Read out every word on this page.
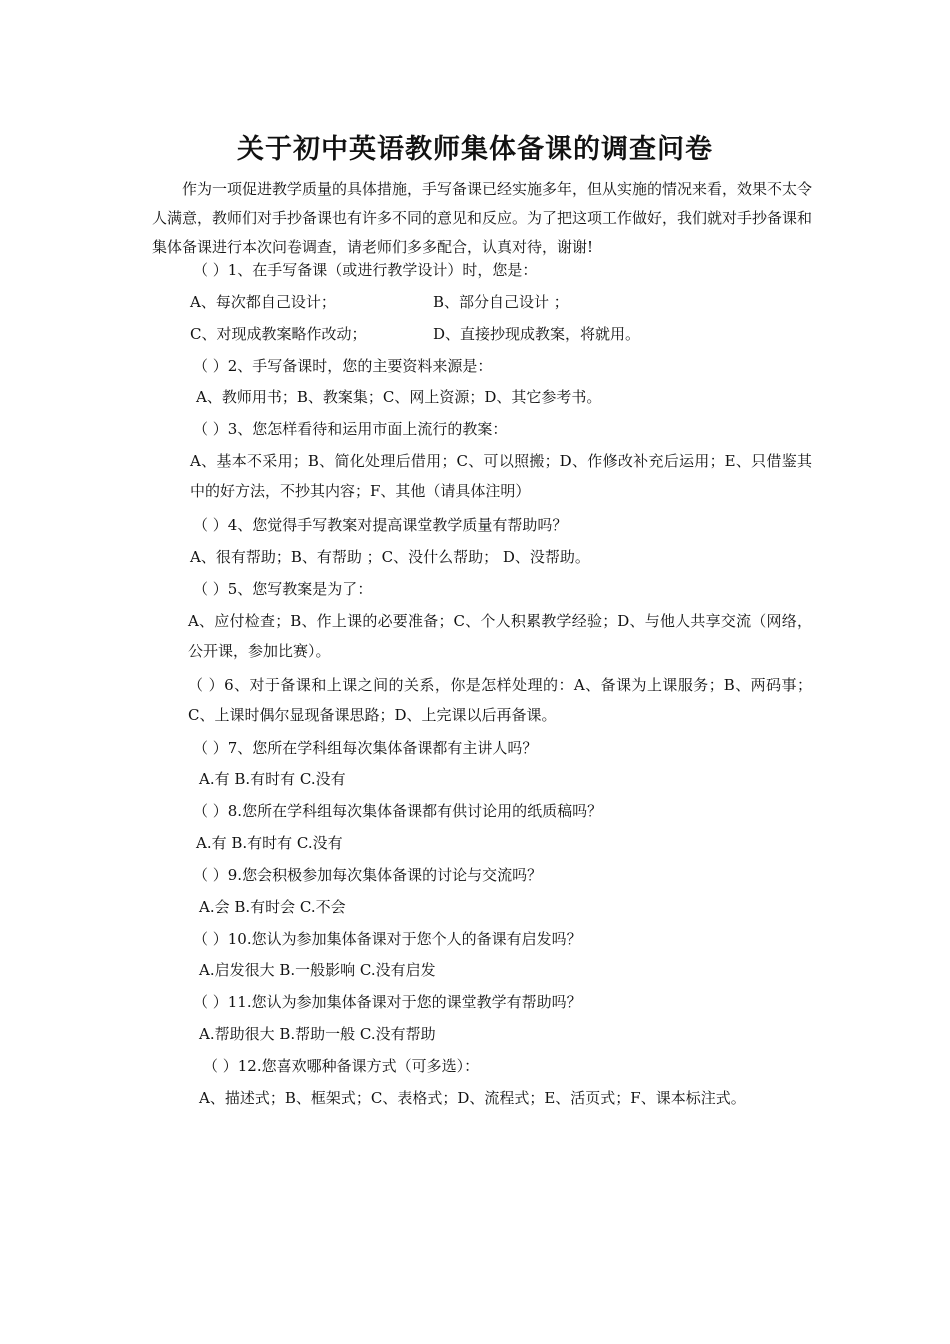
关于初中英语教师集体备课的调查问卷
作为一项促进教学质量的具体措施，手写备课已经实施多年，但从实施的情况来看，效果不太令人满意，教师们对手抄备课也有许多不同的意见和反应。为了把这项工作做好，我们就对手抄备课和集体备课进行本次问卷调查，请老师们多多配合，认真对待，谢谢!
（ ）1、在手写备课（或进行教学设计）时，您是：
A、每次都自己设计；	B、部分自己设计 ；
C、对现成教案略作改动；	D、直接抄现成教案，将就用。
（ ）2、手写备课时，您的主要资料来源是：
A、教师用书；B、教案集；C、网上资源；D、其它参考书。
（ ）3、您怎样看待和运用市面上流行的教案：
A、基本不采用；B、简化处理后借用；C、可以照搬；D、作修改补充后运用；E、只借鉴其中的好方法，不抄其内容；F、其他（请具体注明）
（ ）4、您觉得手写教案对提高课堂教学质量有帮助吗？
A、很有帮助；B、有帮助 ；C、没什么帮助； D、没帮助。
（ ）5、您写教案是为了：
A、应付检查；B、作上课的必要准备；C、个人积累教学经验；D、与他人共享交流（网络，公开课，参加比赛）。
（ ）6、对于备课和上课之间的关系，你是怎样处理的：A、备课为上课服务；B、两码事；C、上课时偶尔显现备课思路；D、上完课以后再备课。
（ ）7、您所在学科组每次集体备课都有主讲人吗？
A.有 B.有时有 C.没有
（ ）8.您所在学科组每次集体备课都有供讨论用的纸质稿吗？
A.有 B.有时有 C.没有
（ ）9.您会积极参加每次集体备课的讨论与交流吗？
A.会 B.有时会 C.不会
（ ）10.您认为参加集体备课对于您个人的备课有启发吗？
A.启发很大 B.一般影响 C.没有启发
（ ）11.您认为参加集体备课对于您的课堂教学有帮助吗？
A.帮助很大 B.帮助一般 C.没有帮助
（ ）12.您喜欢哪种备课方式（可多选）：
A、描述式；B、框架式；C、表格式；D、流程式；E、活页式；F、课本标注式。
